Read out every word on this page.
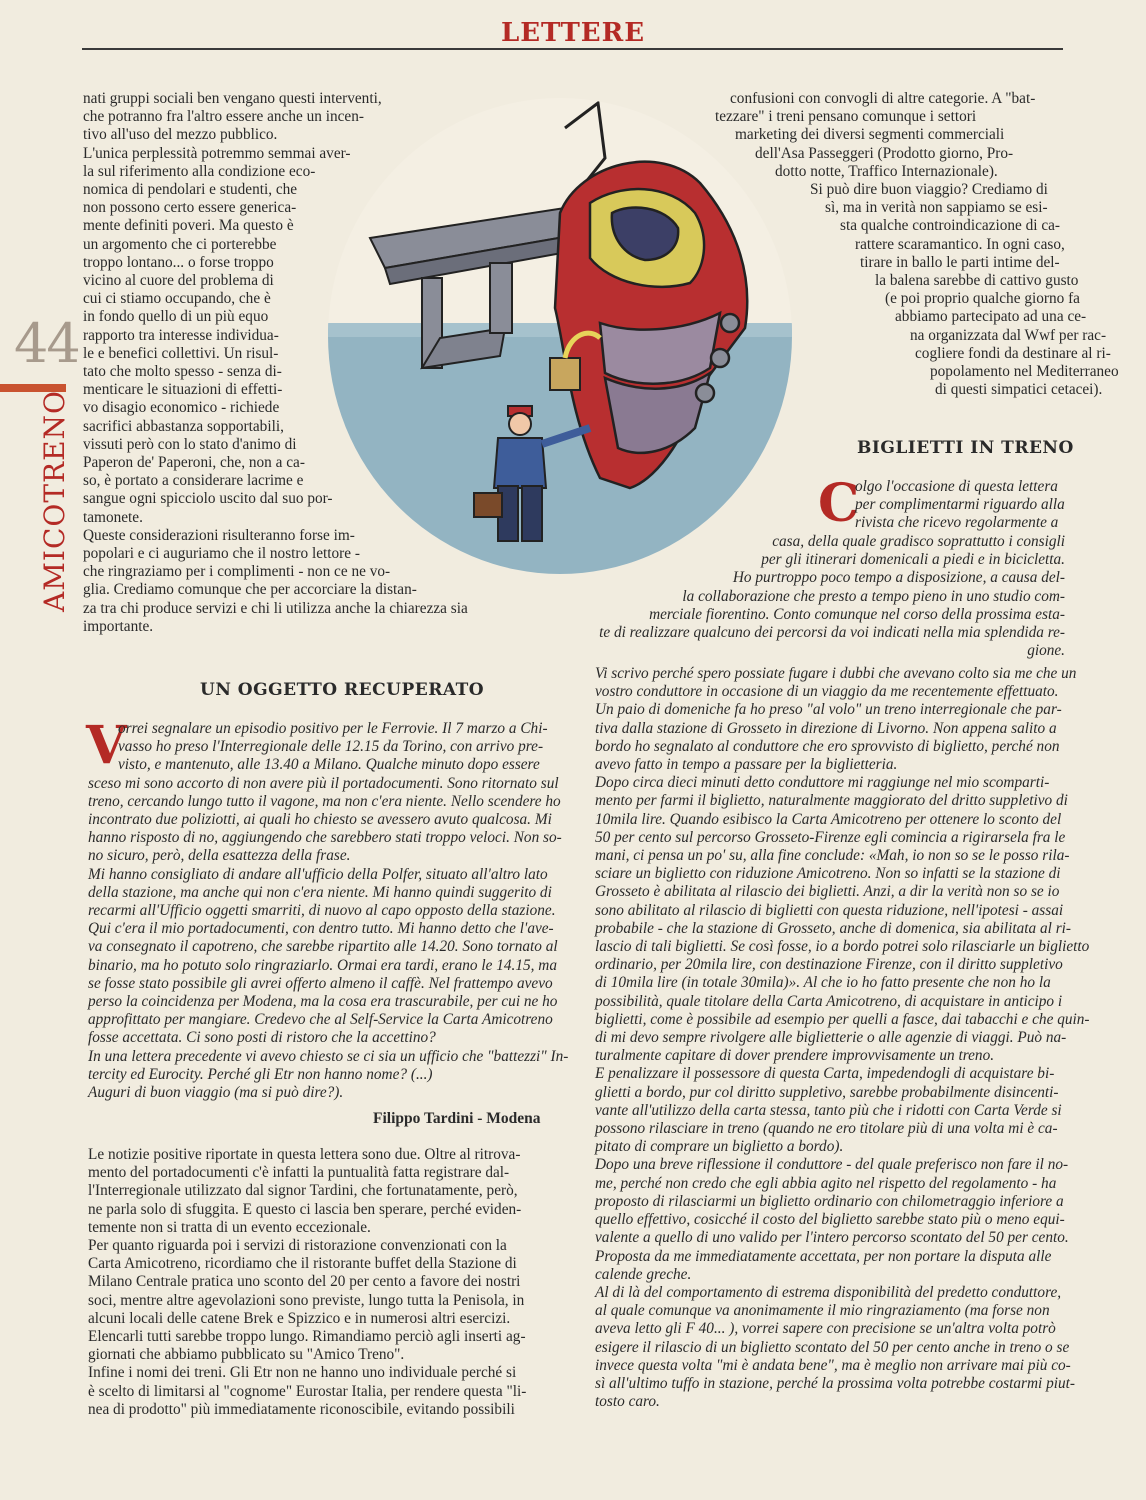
LETTERE
44
AMICOTRENO

nati gruppi sociali ben vengano questi interventi,

che potranno fra l'altro essere anche un incen-

tivo all'uso del mezzo pubblico.

L'unica perplessità potremmo semmai aver-

la sul riferimento alla condizione eco-

nomica di pendolari e studenti, che

non possono certo essere generica-

mente definiti poveri. Ma questo è

un argomento che ci porterebbe

troppo lontano... o forse troppo

vicino al cuore del problema di

cui ci stiamo occupando, che è

in fondo quello di un più equo

rapporto tra interesse individua-

le e benefici collettivi. Un risul-

tato che molto spesso - senza di-

menticare le situazioni di effetti-

vo disagio economico - richiede

sacrifici abbastanza sopportabili,

vissuti però con lo stato d'animo di

Paperon de' Paperoni, che, non a ca-

so, è portato a considerare lacrime e

sangue ogni spicciolo uscito dal suo por-

tamonete.

Queste considerazioni risulteranno forse im-

popolari e ci auguriamo che il nostro lettore -

che ringraziamo per i complimenti - non ce ne vo-

glia. Crediamo comunque che per accorciare la distan-

za tra chi produce servizi e chi li utilizza anche la chiarezza sia

importante.

confusioni con convogli di altre categorie. A "bat-

tezzare" i treni pensano comunque i settori

marketing dei diversi segmenti commerciali

dell'Asa Passeggeri (Prodotto giorno, Pro-

dotto notte, Traffico Internazionale).

Si può dire buon viaggio? Crediamo di

sì, ma in verità non sappiamo se esi-

sta qualche controindicazione di ca-

rattere scaramantico. In ogni caso,

tirare in ballo le parti intime del-

la balena sarebbe di cattivo gusto

(e poi proprio qualche giorno fa

abbiamo partecipato ad una ce-

na organizzata dal Wwf per rac-

cogliere fondi da destinare al ri-

popolamento nel Mediterraneo

di questi simpatici cetacei).

UN OGGETTO RECUPERATO
V

orrei segnalare un episodio positivo per le Ferrovie. Il 7 marzo a Chi-

vasso ho preso l'Interregionale delle 12.15 da Torino, con arrivo pre-

visto, e mantenuto, alle 13.40 a Milano. Qualche minuto dopo essere

sceso mi sono accorto di non avere più il portadocumenti. Sono ritornato sul

treno, cercando lungo tutto il vagone, ma non c'era niente. Nello scendere ho

incontrato due poliziotti, ai quali ho chiesto se avessero avuto qualcosa. Mi

hanno risposto di no, aggiungendo che sarebbero stati troppo veloci. Non so-

no sicuro, però, della esattezza della frase.

Mi hanno consigliato di andare all'ufficio della Polfer, situato all'altro lato

della stazione, ma anche qui non c'era niente. Mi hanno quindi suggerito di

recarmi all'Ufficio oggetti smarriti, di nuovo al capo opposto della stazione.

Qui c'era il mio portadocumenti, con dentro tutto. Mi hanno detto che l'ave-

va consegnato il capotreno, che sarebbe ripartito alle 14.20. Sono tornato al

binario, ma ho potuto solo ringraziarlo. Ormai era tardi, erano le 14.15, ma

se fosse stato possibile gli avrei offerto almeno il caffè. Nel frattempo avevo

perso la coincidenza per Modena, ma la cosa era trascurabile, per cui ne ho

approfittato per mangiare. Credevo che al Self-Service la Carta Amicotreno

fosse accettata. Ci sono posti di ristoro che la accettino?

In una lettera precedente vi avevo chiesto se ci sia un ufficio che "battezzi" In-

tercity ed Eurocity. Perché gli Etr non hanno nome? (...)

Auguri di buon viaggio (ma si può dire?).

Filippo Tardini - Modena

Le notizie positive riportate in questa lettera sono due. Oltre al ritrova-

mento del portadocumenti c'è infatti la puntualità fatta registrare dal-

l'Interregionale utilizzato dal signor Tardini, che fortunatamente, però,

ne parla solo di sfuggita. E questo ci lascia ben sperare, perché eviden-

temente non si tratta di un evento eccezionale.

Per quanto riguarda poi i servizi di ristorazione convenzionati con la

Carta Amicotreno, ricordiamo che il ristorante buffet della Stazione di

Milano Centrale pratica uno sconto del 20 per cento a favore dei nostri

soci, mentre altre agevolazioni sono previste, lungo tutta la Penisola, in

alcuni locali delle catene Brek e Spizzico e in numerosi altri esercizi.

Elencarli tutti sarebbe troppo lungo. Rimandiamo perciò agli inserti ag-

giornati che abbiamo pubblicato su "Amico Treno".

Infine i nomi dei treni. Gli Etr non ne hanno uno individuale perché si

è scelto di limitarsi al "cognome" Eurostar Italia, per rendere questa "li-

nea di prodotto" più immediatamente riconoscibile, evitando possibili

BIGLIETTI IN TRENO
C

olgo l'occasione di questa lettera

per complimentarmi riguardo alla

rivista che ricevo regolarmente a

casa, della quale gradisco soprattutto i consigli

per gli itinerari domenicali a piedi e in bicicletta.

Ho purtroppo poco tempo a disposizione, a causa del-

la collaborazione che presto a tempo pieno in uno studio com-

merciale fiorentino. Conto comunque nel corso della prossima esta-

te di realizzare qualcuno dei percorsi da voi indicati nella mia splendida re-

gione.

Vi scrivo perché spero possiate fugare i dubbi che avevano colto sia me che un

vostro conduttore in occasione di un viaggio da me recentemente effettuato.

Un paio di domeniche fa ho preso "al volo" un treno interregionale che par-

tiva dalla stazione di Grosseto in direzione di Livorno. Non appena salito a

bordo ho segnalato al conduttore che ero sprovvisto di biglietto, perché non

avevo fatto in tempo a passare per la biglietteria.

Dopo circa dieci minuti detto conduttore mi raggiunge nel mio scomparti-

mento per farmi il biglietto, naturalmente maggiorato del dritto suppletivo di

10mila lire. Quando esibisco la Carta Amicotreno per ottenere lo sconto del

50 per cento sul percorso Grosseto-Firenze egli comincia a rigirarsela fra le

mani, ci pensa un po' su, alla fine conclude: «Mah, io non so se le posso rila-

sciare un biglietto con riduzione Amicotreno. Non so infatti se la stazione di

Grosseto è abilitata al rilascio dei biglietti. Anzi, a dir la verità non so se io

sono abilitato al rilascio di biglietti con questa riduzione, nell'ipotesi - assai

probabile - che la stazione di Grosseto, anche di domenica, sia abilitata al ri-

lascio di tali biglietti. Se così fosse, io a bordo potrei solo rilasciarle un biglietto

ordinario, per 20mila lire, con destinazione Firenze, con il diritto suppletivo

di 10mila lire (in totale 30mila)». Al che io ho fatto presente che non ho la

possibilità, quale titolare della Carta Amicotreno, di acquistare in anticipo i

biglietti, come è possibile ad esempio per quelli a fasce, dai tabacchi e che quin-

di mi devo sempre rivolgere alle biglietterie o alle agenzie di viaggi. Può na-

turalmente capitare di dover prendere improvvisamente un treno.

E penalizzare il possessore di questa Carta, impedendogli di acquistare bi-

glietti a bordo, pur col diritto suppletivo, sarebbe probabilmente disincenti-

vante all'utilizzo della carta stessa, tanto più che i ridotti con Carta Verde si

possono rilasciare in treno (quando ne ero titolare più di una volta mi è ca-

pitato di comprare un biglietto a bordo).

Dopo una breve riflessione il conduttore - del quale preferisco non fare il no-

me, perché non credo che egli abbia agito nel rispetto del regolamento - ha

proposto di rilasciarmi un biglietto ordinario con chilometraggio inferiore a

quello effettivo, cosicché il costo del biglietto sarebbe stato più o meno equi-

valente a quello di uno valido per l'intero percorso scontato del 50 per cento.

Proposta da me immediatamente accettata, per non portare la disputa alle

calende greche.

Al di là del comportamento di estrema disponibilità del predetto conduttore,

al quale comunque va anonimamente il mio ringraziamento (ma forse non

aveva letto gli F 40... ), vorrei sapere con precisione se un'altra volta potrò

esigere il rilascio di un biglietto scontato del 50 per cento anche in treno o se

invece questa volta "mi è andata bene", ma è meglio non arrivare mai più co-

sì all'ultimo tuffo in stazione, perché la prossima volta potrebbe costarmi piut-

tosto caro.
